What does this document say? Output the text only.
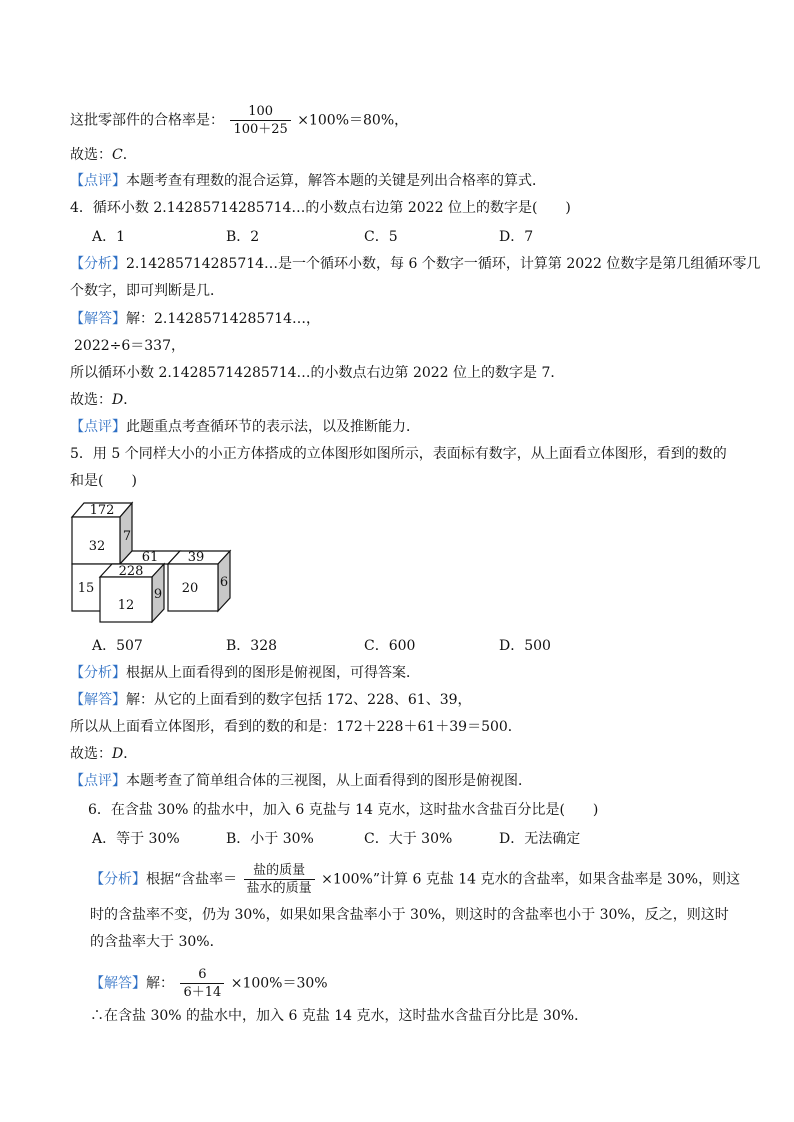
这批零部件的合格率是： $\frac{100}{100+25} \times 100\%=80\%$，
故选：C．
【点评】本题考查有理数的混合运算，解答本题的关键是列出合格率的算式．
4．循环小数 2.14285714285714…的小数点右边第 2022 位上的数字是(　　)
A．1	B．2	C．5	D．7
【分析】2.14285714285714…是一个循环小数，每 6 个数字一循环，计算第 2022 位数字是第几组循环零几
个数字，即可判断是几．
【解答】解：2.14285714285714…，
2022÷6＝337，
所以循环小数 2.14285714285714…的小数点右边第 2022 位上的数字是 7．
故选：D．
【点评】此题重点考查循环节的表示法，以及推断能力．
5．用 5 个同样大小的小正方体搭成的立体图形如图所示，表面标有数字，从上面看立体图形，看到的数的
和是(　　)
172
32
7
61 39
15
228
12
9 20 6
A．507	B．328	C．600	D．500
【分析】根据从上面看得到的图形是俯视图，可得答案．
【解答】解：从它的上面看到的数字包括 172、228、61、39，
所以从上面看立体图形，看到的数的和是：172＋228＋61＋39＝500．
故选：D．
【点评】本题考查了简单组合体的三视图，从上面看得到的图形是俯视图．
6．在含盐 30% 的盐水中，加入 6 克盐与 14 克水，这时盐水含盐百分比是(　　)
A．等于 30%	B．小于 30%	C．大于 30%	D．无法确定
【分析】根据“含盐率＝ $\frac{\text{盐的质量}}{\text{盐水的质量}} \times 100\%$”计算 6 克盐 14 克水的含盐率，如果含盐率是 30%，则这
时的含盐率不变，仍为 30%，如果如果含盐率小于 30%，则这时的含盐率也小于 30%，反之，则这时
的含盐率大于 30%．
【解答】解： $\frac{6}{6+14} \times 100\%=30\%$
∴在含盐 30% 的盐水中，加入 6 克盐 14 克水，这时盐水含盐百分比是 30%．
